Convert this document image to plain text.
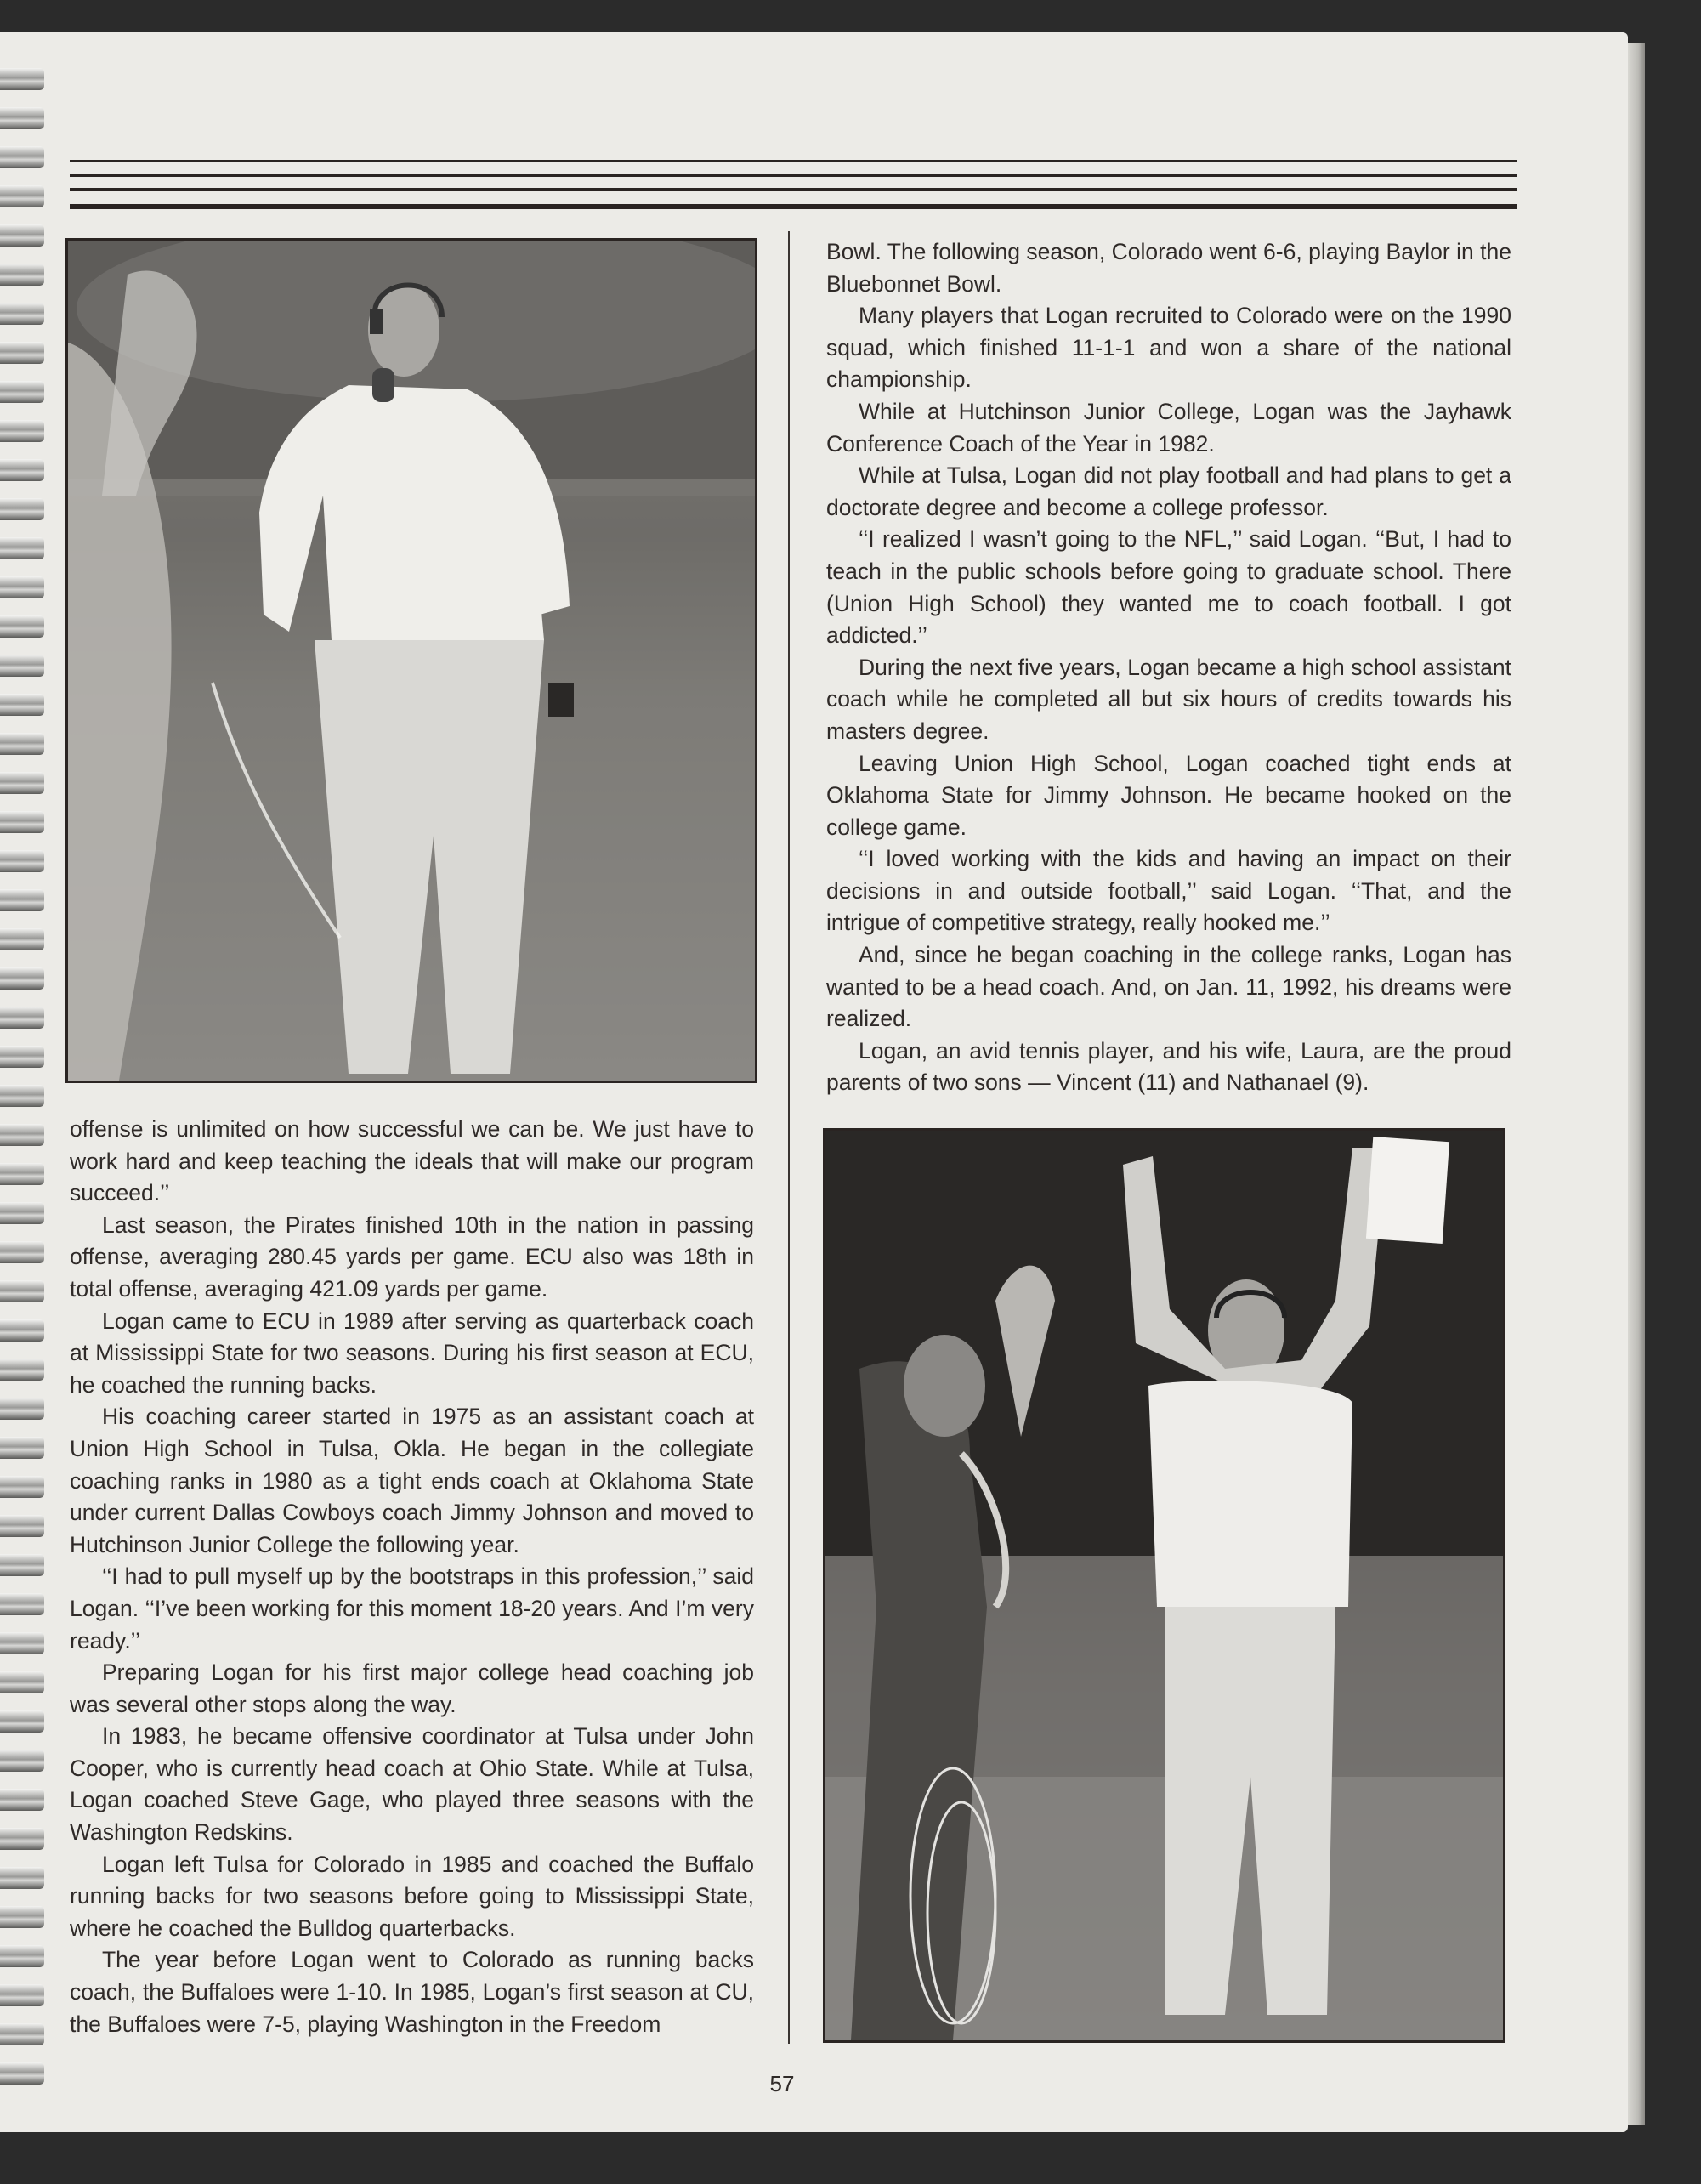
offense is unlimited on how successful we can be. We just have to work hard and keep teaching the ideals that will make our program succeed.’’

Last season, the Pirates finished 10th in the nation in passing offense, averaging 280.45 yards per game. ECU also was 18th in total offense, averaging 421.09 yards per game.

Logan came to ECU in 1989 after serving as quarterback coach at Mississippi State for two seasons. During his first season at ECU, he coached the running backs.

His coaching career started in 1975 as an assistant coach at Union High School in Tulsa, Okla. He began in the collegiate coaching ranks in 1980 as a tight ends coach at Oklahoma State under current Dallas Cowboys coach Jimmy Johnson and moved to Hutchinson Junior College the following year.

‘‘I had to pull myself up by the bootstraps in this profession,’’ said Logan. ‘‘I’ve been working for this moment 18-20 years. And I’m very ready.’’

Preparing Logan for his first major college head coaching job was several other stops along the way.

In 1983, he became offensive coordinator at Tulsa under John Cooper, who is currently head coach at Ohio State. While at Tulsa, Logan coached Steve Gage, who played three seasons with the Washington Redskins.

Logan left Tulsa for Colorado in 1985 and coached the Buffalo running backs for two seasons before going to Mississippi State, where he coached the Bulldog quarterbacks.

The year before Logan went to Colorado as running backs coach, the Buffaloes were 1-10. In 1985, Logan’s first season at CU, the Buffaloes were 7-5, playing Washington in the Freedom

Bowl. The following season, Colorado went 6-6, playing Baylor in the Bluebonnet Bowl.

Many players that Logan recruited to Colorado were on the 1990 squad, which finished 11-1-1 and won a share of the national championship.

While at Hutchinson Junior College, Logan was the Jayhawk Conference Coach of the Year in 1982.

While at Tulsa, Logan did not play football and had plans to get a doctorate degree and become a college professor.

‘‘I realized I wasn’t going to the NFL,’’ said Logan. ‘‘But, I had to teach in the public schools before going to graduate school. There (Union High School) they wanted me to coach football. I got addicted.’’

During the next five years, Logan became a high school assistant coach while he completed all but six hours of credits towards his masters degree.

Leaving Union High School, Logan coached tight ends at Oklahoma State for Jimmy Johnson. He became hooked on the college game.

‘‘I loved working with the kids and having an impact on their decisions in and outside football,’’ said Logan. ‘‘That, and the intrigue of competitive strategy, really hooked me.’’

And, since he began coaching in the college ranks, Logan has wanted to be a head coach. And, on Jan. 11, 1992, his dreams were realized.

Logan, an avid tennis player, and his wife, Laura, are the proud parents of two sons — Vincent (11) and Nathanael (9).

57
